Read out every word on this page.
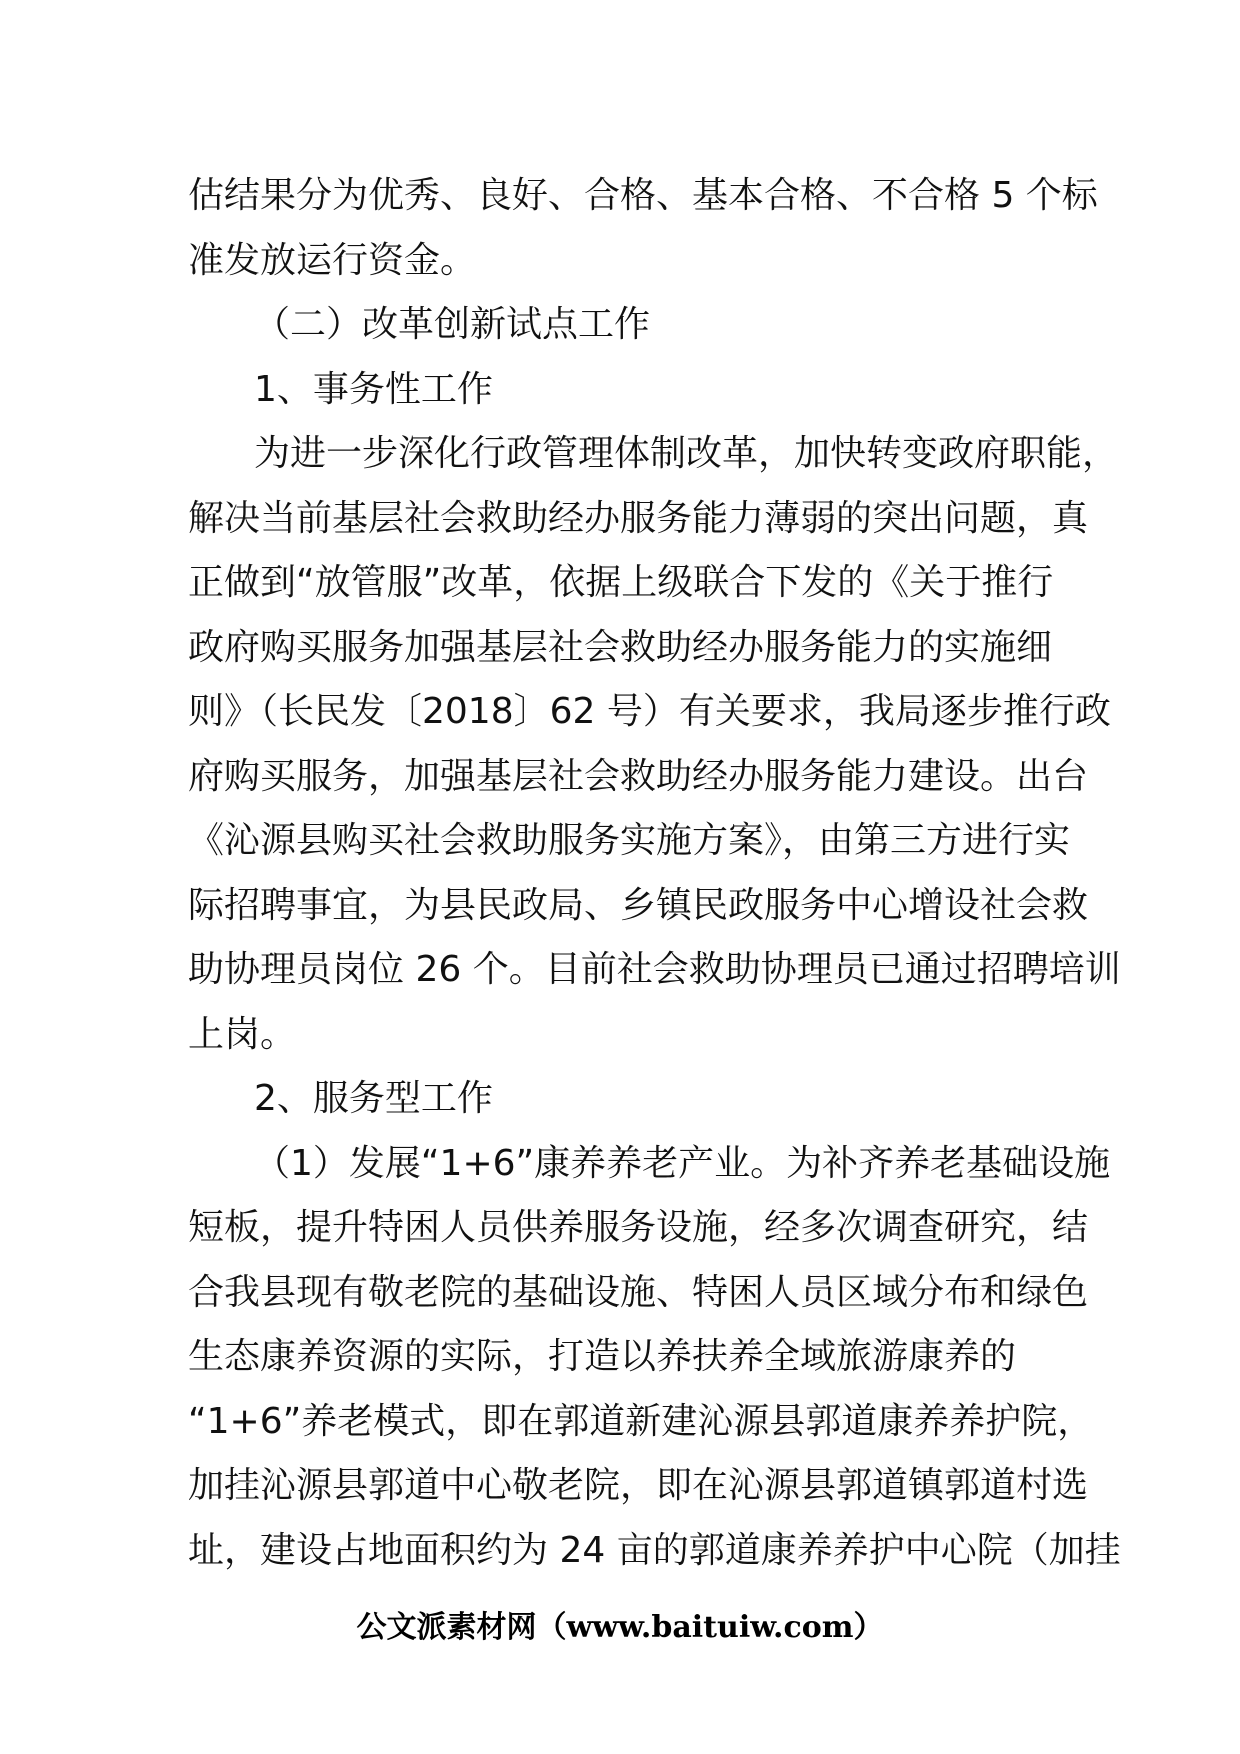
估结果分为优秀、良好、合格、基本合格、不合格 5 个标
准发放运行资金。
（二）改革创新试点工作
1、事务性工作
为进一步深化行政管理体制改革，加快转变政府职能，
解决当前基层社会救助经办服务能力薄弱的突出问题，真
正做到“放管服”改革，依据上级联合下发的《关于推行
政府购买服务加强基层社会救助经办服务能力的实施细
则》（长民发〔2018〕62 号）有关要求，我局逐步推行政
府购买服务，加强基层社会救助经办服务能力建设。出台
《沁源县购买社会救助服务实施方案》，由第三方进行实
际招聘事宜，为县民政局、乡镇民政服务中心增设社会救
助协理员岗位 26 个。目前社会救助协理员已通过招聘培训
上岗。
2、服务型工作
（1）发展“1+6”康养养老产业。为补齐养老基础设施
短板，提升特困人员供养服务设施，经多次调查研究，结
合我县现有敬老院的基础设施、特困人员区域分布和绿色
生态康养资源的实际，打造以养扶养全域旅游康养的
“1+6”养老模式，即在郭道新建沁源县郭道康养养护院，
加挂沁源县郭道中心敬老院，即在沁源县郭道镇郭道村选
址，建设占地面积约为 24 亩的郭道康养养护中心院（加挂
公文派素材网（www.baituiw.com）
